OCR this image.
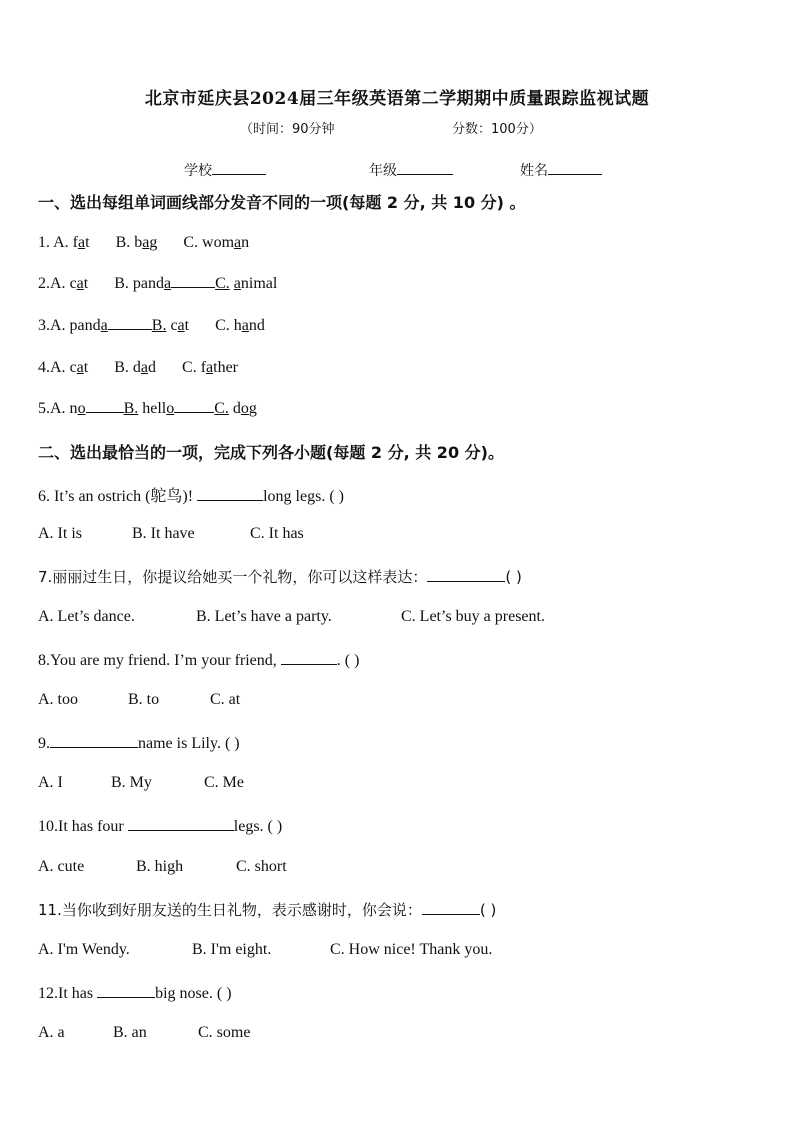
北京市延庆县2024届三年级英语第二学期期中质量跟踪监视试题
（时间：90分钟	分数：100分）
学校	年级	姓名
一、选出每组单词画线部分发音不同的一项(每题 2 分, 共 10 分) 。
1. A. fat B. bag C. woman
2.A. cat B. panda	C. animal
3.A. panda	B. cat C. hand
4.A. cat B. dad C. father
5.A. no B. hello	C. dog
二、选出最恰当的一项，完成下列各小题(每题 2 分, 共 20 分)。
6. It’s an ostrich (鸵鸟)!	long legs. ( )
A. It is	B. It have	C. It has
7.丽丽过生日，你提议给她买一个礼物，你可以这样表达：	( )
A. Let’s dance.	B. Let’s have a party.	C. Let’s buy a present.
8.You are my friend. I’m your friend,	. ( )
A. too	B. to	C. at
9.	name is Lily. ( )
A. I	B. My	C. Me
10.It has four	legs. ( )
A. cute	B. high	C. short
11.当你收到好朋友送的生日礼物，表示感谢时，你会说：	( )
A. I'm Wendy.	B. I'm eight.	C. How nice! Thank you.
12.It has	big nose. ( )
A. a	B. an	C. some
